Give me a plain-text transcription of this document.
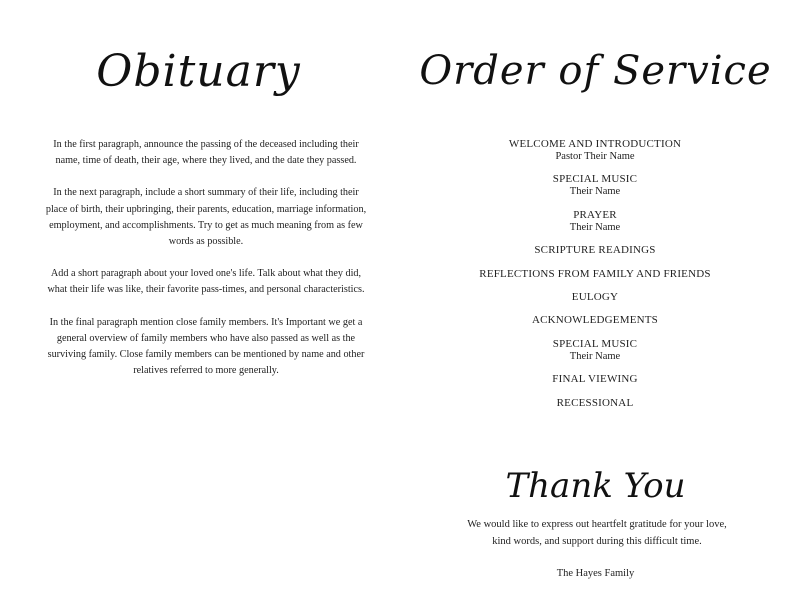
Obituary

In the first paragraph, announce the passing of the deceased including their name, time of death, their age, where they lived, and the date they passed.

In the next paragraph, include a short summary of their life, including their place of birth, their upbringing, their parents, education, marriage information, employment, and accomplishments. Try to get as much meaning from as few words as possible.

Add a short paragraph about your loved one's life. Talk about what they did, what their life was like, their favorite pass-times, and personal characteristics.

In the final paragraph mention close family members. It's Important we get a general overview of family members who have also passed as well as the surviving family. Close family members can be mentioned by name and other relatives referred to more generally.

Order of Service
WELCOME AND INTRODUCTION
Pastor Their Name
SPECIAL MUSIC
Their Name
PRAYER
Their Name
SCRIPTURE READINGS
REFLECTIONS FROM FAMILY AND FRIENDS
EULOGY
ACKNOWLEDGEMENTS
SPECIAL MUSIC
Their Name
FINAL VIEWING
RECESSIONAL
Thank You
We would like to express out heartfelt gratitude for your love, kind words, and support during this difficult time.
The Hayes Family
